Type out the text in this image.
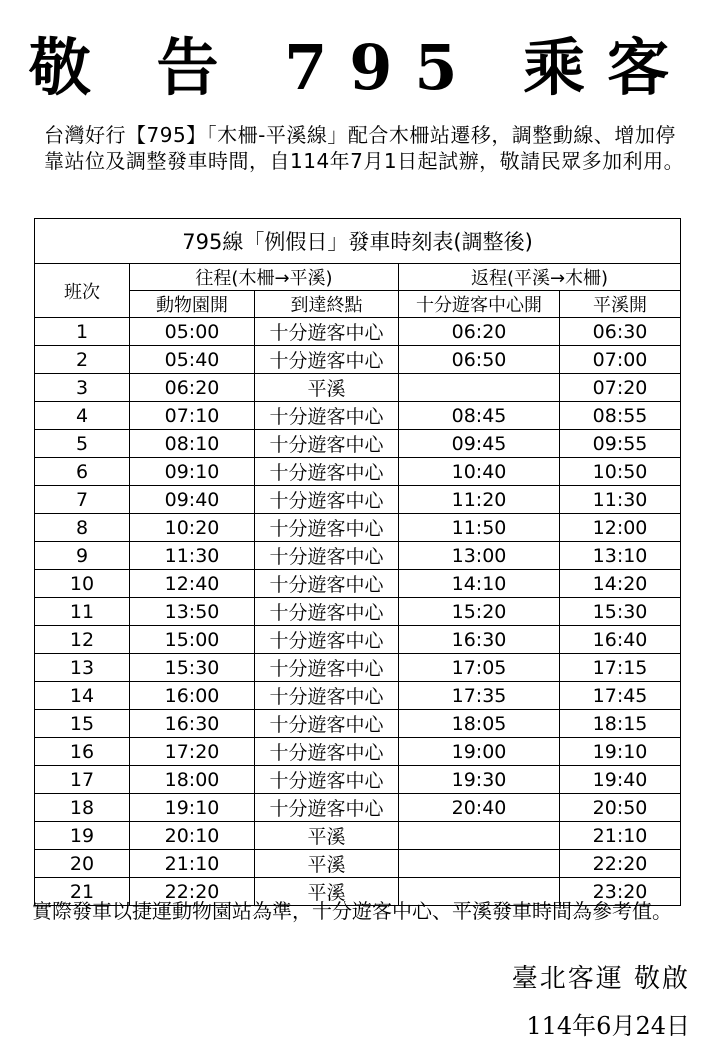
敬 告 795 乘客
台灣好行【795】「木柵-平溪線」配合木柵站遷移，調整動線、增加停靠站位及調整發車時間，自114年7月1日起試辦，敬請民眾多加利用。
795線「例假日」發車時刻表(調整後)				
班次	往程(木柵→平溪)		返程(平溪→木柵)	
	動物園開	到達終點	十分遊客中心開	平溪開
1	05:00	十分遊客中心	06:20	06:30
2	05:40	十分遊客中心	06:50	07:00
3	06:20	平溪		07:20
4	07:10	十分遊客中心	08:45	08:55
5	08:10	十分遊客中心	09:45	09:55
6	09:10	十分遊客中心	10:40	10:50
7	09:40	十分遊客中心	11:20	11:30
8	10:20	十分遊客中心	11:50	12:00
9	11:30	十分遊客中心	13:00	13:10
10	12:40	十分遊客中心	14:10	14:20
11	13:50	十分遊客中心	15:20	15:30
12	15:00	十分遊客中心	16:30	16:40
13	15:30	十分遊客中心	17:05	17:15
14	16:00	十分遊客中心	17:35	17:45
15	16:30	十分遊客中心	18:05	18:15
16	17:20	十分遊客中心	19:00	19:10
17	18:00	十分遊客中心	19:30	19:40
18	19:10	十分遊客中心	20:40	20:50
19	20:10	平溪		21:10
20	21:10	平溪		22:20
21	22:20	平溪		23:20
實際發車以捷運動物園站為準，十分遊客中心、平溪發車時間為參考值。
臺北客運 敬啟
114年6月24日
